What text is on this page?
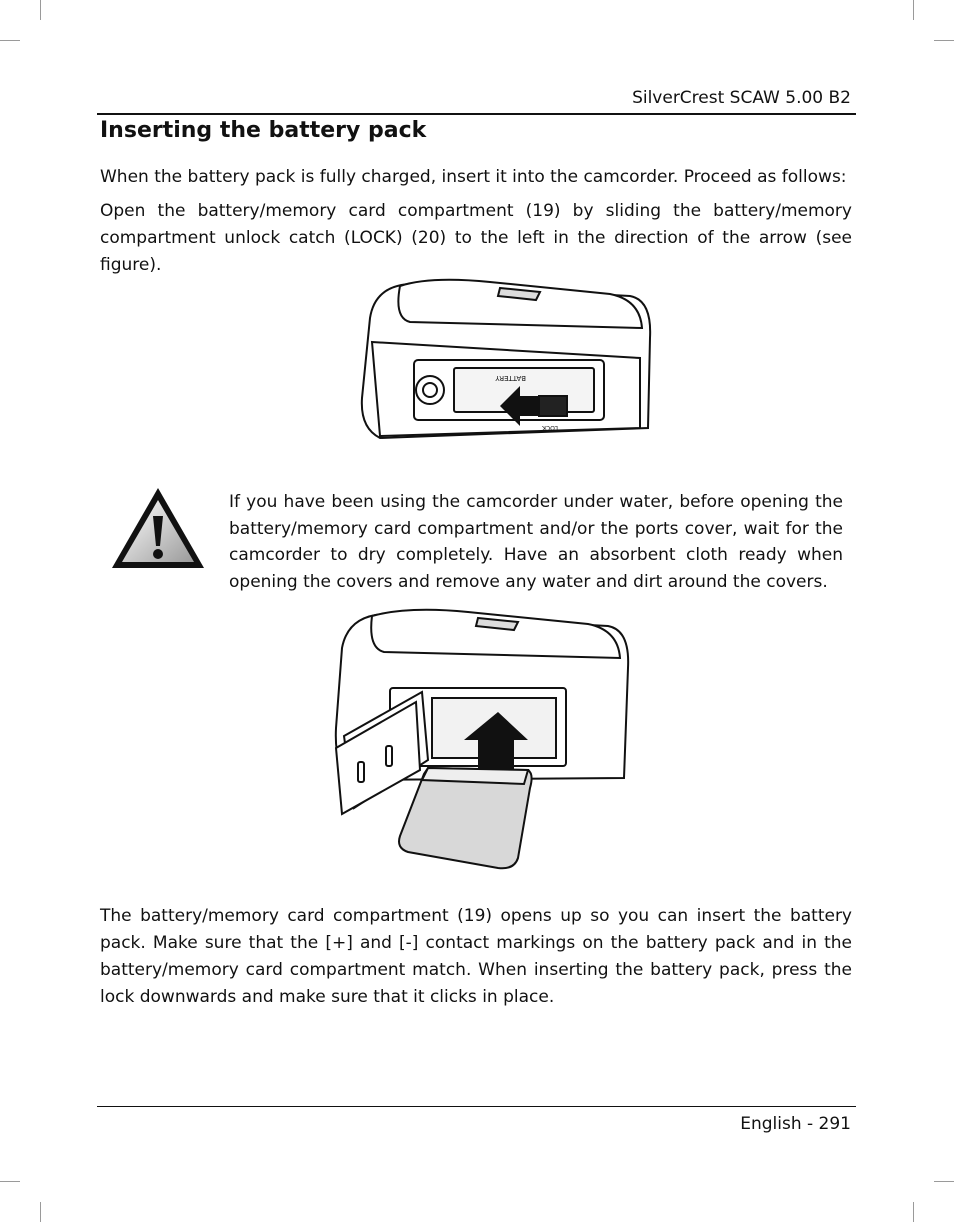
SilverCrest SCAW 5.00 B2
Inserting the battery pack

When the battery pack is fully charged, insert it into the camcorder. Proceed as follows:

Open the battery/memory card compartment (19) by sliding the battery/memory compartment unlock catch (LOCK) (20) to the left in the direction of the arrow (see figure).

BATTERY
LOCK

If you have been using the camcorder under water, before opening the battery/memory card compartment and/or the ports cover, wait for the camcorder to dry completely. Have an absorbent cloth ready when opening the covers and remove any water and dirt around the covers.

The battery/memory card compartment (19) opens up so you can insert the battery pack. Make sure that the [+] and [-] contact markings on the battery pack and in the battery/memory card compartment match. When inserting the battery pack, press the lock downwards and make sure that it clicks in place.

English - 291
